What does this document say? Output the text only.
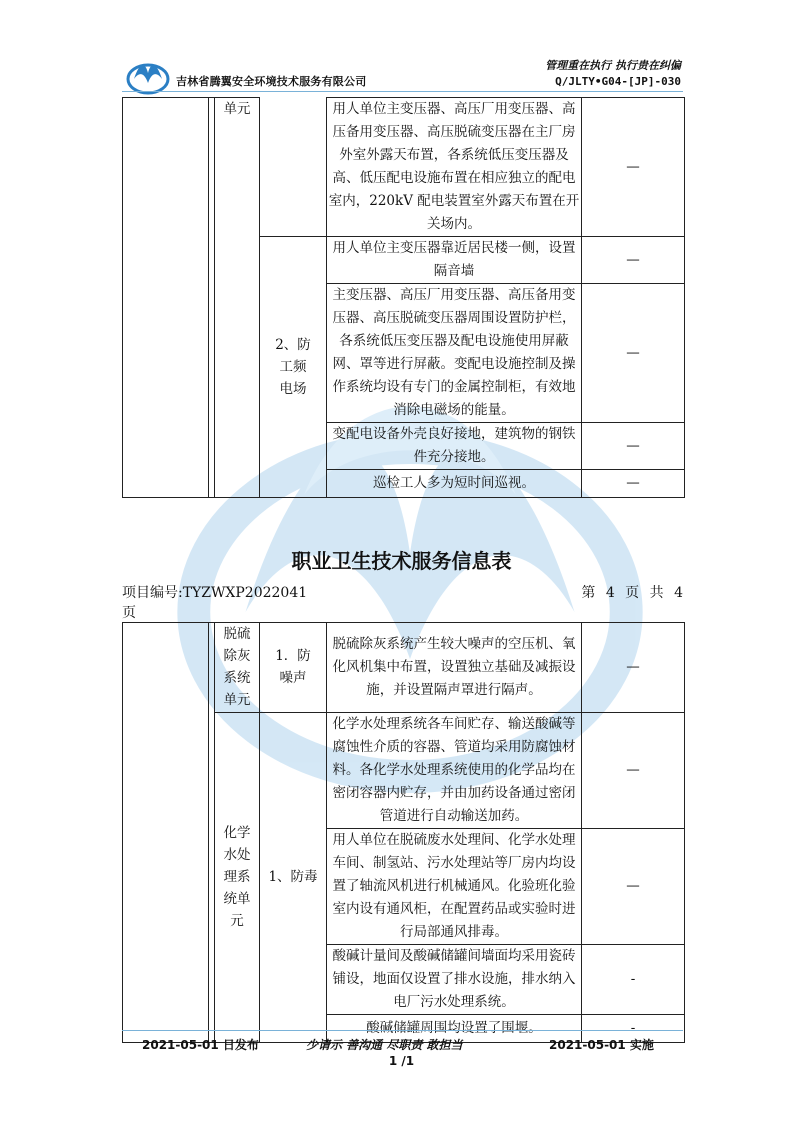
吉林省腾翼安全环境技术服务有限公司
管理重在执行 执行贵在纠偏
Q/JLTY•G04-[JP]-030
		单元		用人单位主变压器、高压厂用变压器、高压备用变压器、高压脱硫变压器在主厂房外室外露天布置，各系统低压变压器及高、低压配电设施布置在相应独立的配电室内，220kV 配电装置室外露天布置在开关场内。	—
			2、防工频电场	用人单位主变压器靠近居民楼一侧，设置隔音墙	—
				主变压器、高压厂用变压器、高压备用变压器、高压脱硫变压器周围设置防护栏，各系统低压变压器及配电设施使用屏蔽网、罩等进行屏蔽。变配电设施控制及操作系统均设有专门的金属控制柜，有效地消除电磁场的能量。	—
				变配电设备外壳良好接地，建筑物的钢铁件充分接地。	—
				巡检工人多为短时间巡视。	—
职业卫生技术服务信息表
项目编号:TYZWXP2022041
页
第 4 页 共 4
		脱硫除灰系统单元	1．防噪声	脱硫除灰系统产生较大噪声的空压机、氧化风机集中布置，设置独立基础及减振设施，并设置隔声罩进行隔声。	—
		化学水处理系统单元	1、防毒	化学水处理系统各车间贮存、输送酸碱等腐蚀性介质的容器、管道均采用防腐蚀材料。各化学水处理系统使用的化学品均在密闭容器内贮存，并由加药设备通过密闭管道进行自动输送加药。	—
				用人单位在脱硫废水处理间、化学水处理车间、制氢站、污水处理站等厂房内均设置了轴流风机进行机械通风。化验班化验室内设有通风柜，在配置药品或实验时进行局部通风排毒。	—
				酸碱计量间及酸碱储罐间墙面均采用瓷砖铺设，地面仅设置了排水设施，排水纳入电厂污水处理系统。	-
				酸碱储罐周围均设置了围堰。	-
2021-05-01 日发布	少请示 善沟通 尽职责 敢担当	2021-05-01 实施
1 /1
